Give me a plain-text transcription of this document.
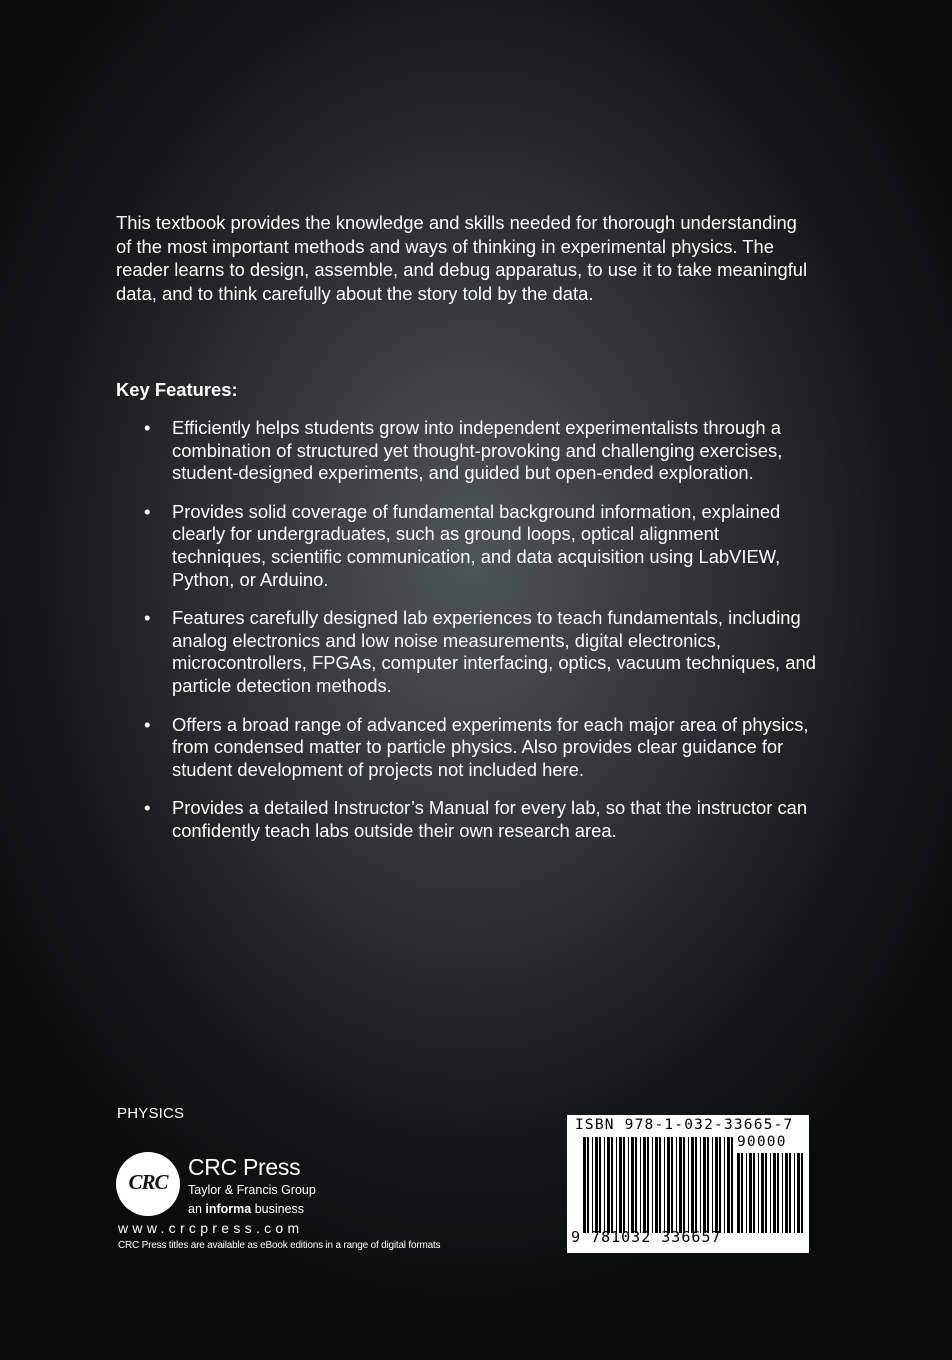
This textbook provides the knowledge and skills needed for thorough understanding of the most important methods and ways of thinking in experimental physics. The reader learns to design, assemble, and debug apparatus, to use it to take meaningful data, and to think carefully about the story told by the data.

Key Features:
• Efficiently helps students grow into independent experimentalists through a combination of structured yet thought-provoking and challenging exercises, student-designed experiments, and guided but open-ended exploration.
• Provides solid coverage of fundamental background information, explained clearly for undergraduates, such as ground loops, optical alignment techniques, scientific communication, and data acquisition using LabVIEW, Python, or Arduino.
• Features carefully designed lab experiences to teach fundamentals, including analog electronics and low noise measurements, digital electronics, microcontrollers, FPGAs, computer interfacing, optics, vacuum techniques, and particle detection methods.
• Offers a broad range of advanced experiments for each major area of physics, from condensed matter to particle physics. Also provides clear guidance for student development of projects not included here.
• Provides a detailed Instructor’s Manual for every lab, so that the instructor can confidently teach labs outside their own research area.
PHYSICS
CRC
CRC Press
Taylor & Francis Group
an informa business
www.crcpress.com
CRC Press titles are available as eBook editions in a range of digital formats
ISBN 978-1-032-33665-7
90000
9 781032 336657
